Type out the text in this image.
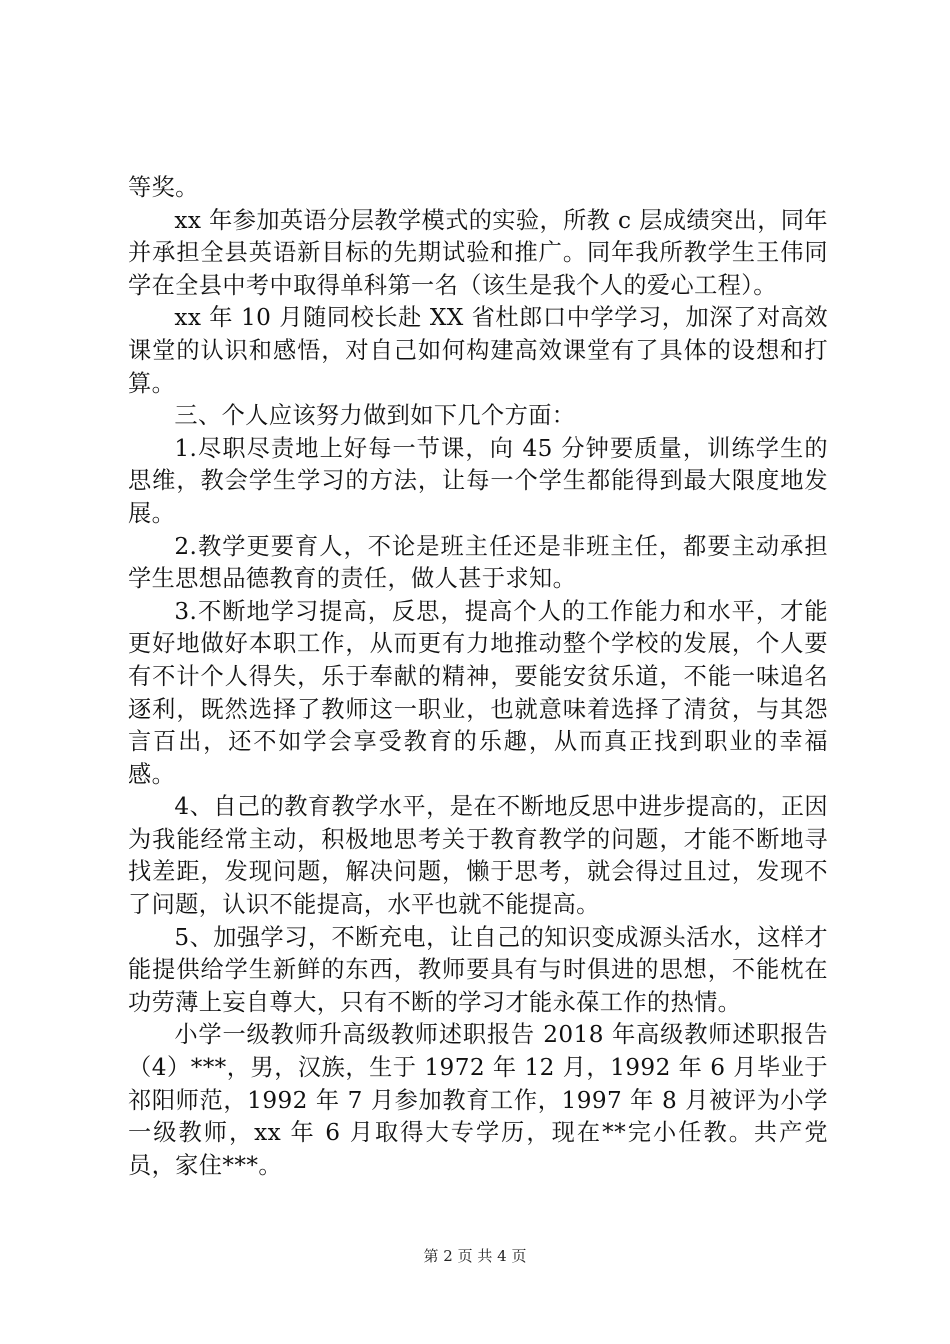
等奖。

xx 年参加英语分层教学模式的实验，所教 c 层成绩突出，同年并承担全县英语新目标的先期试验和推广。同年我所教学生王伟同学在全县中考中取得单科第一名（该生是我个人的爱心工程）。

xx 年 10 月随同校长赴 XX 省杜郎口中学学习，加深了对高效课堂的认识和感悟，对自己如何构建高效课堂有了具体的设想和打算。

三、个人应该努力做到如下几个方面：

1.尽职尽责地上好每一节课，向 45 分钟要质量，训练学生的思维，教会学生学习的方法，让每一个学生都能得到最大限度地发展。

2.教学更要育人，不论是班主任还是非班主任，都要主动承担学生思想品德教育的责任，做人甚于求知。

3.不断地学习提高，反思，提高个人的工作能力和水平，才能更好地做好本职工作，从而更有力地推动整个学校的发展，个人要有不计个人得失，乐于奉献的精神，要能安贫乐道，不能一味追名逐利，既然选择了教师这一职业，也就意味着选择了清贫，与其怨言百出，还不如学会享受教育的乐趣，从而真正找到职业的幸福感。

4、自己的教育教学水平，是在不断地反思中进步提高的，正因为我能经常主动，积极地思考关于教育教学的问题，才能不断地寻找差距，发现问题，解决问题，懒于思考，就会得过且过，发现不了问题，认识不能提高，水平也就不能提高。

5、加强学习，不断充电，让自己的知识变成源头活水，这样才能提供给学生新鲜的东西，教师要具有与时俱进的思想，不能枕在功劳薄上妄自尊大，只有不断的学习才能永葆工作的热情。

小学一级教师升高级教师述职报告 2018 年高级教师述职报告（4）***，男，汉族，生于 1972 年 12 月，1992 年 6 月毕业于祁阳师范，1992 年 7 月参加教育工作，1997 年 8 月被评为小学一级教师，xx 年 6 月取得大专学历，现在**完小任教。共产党员，家住***。

第 2 页 共 4 页
